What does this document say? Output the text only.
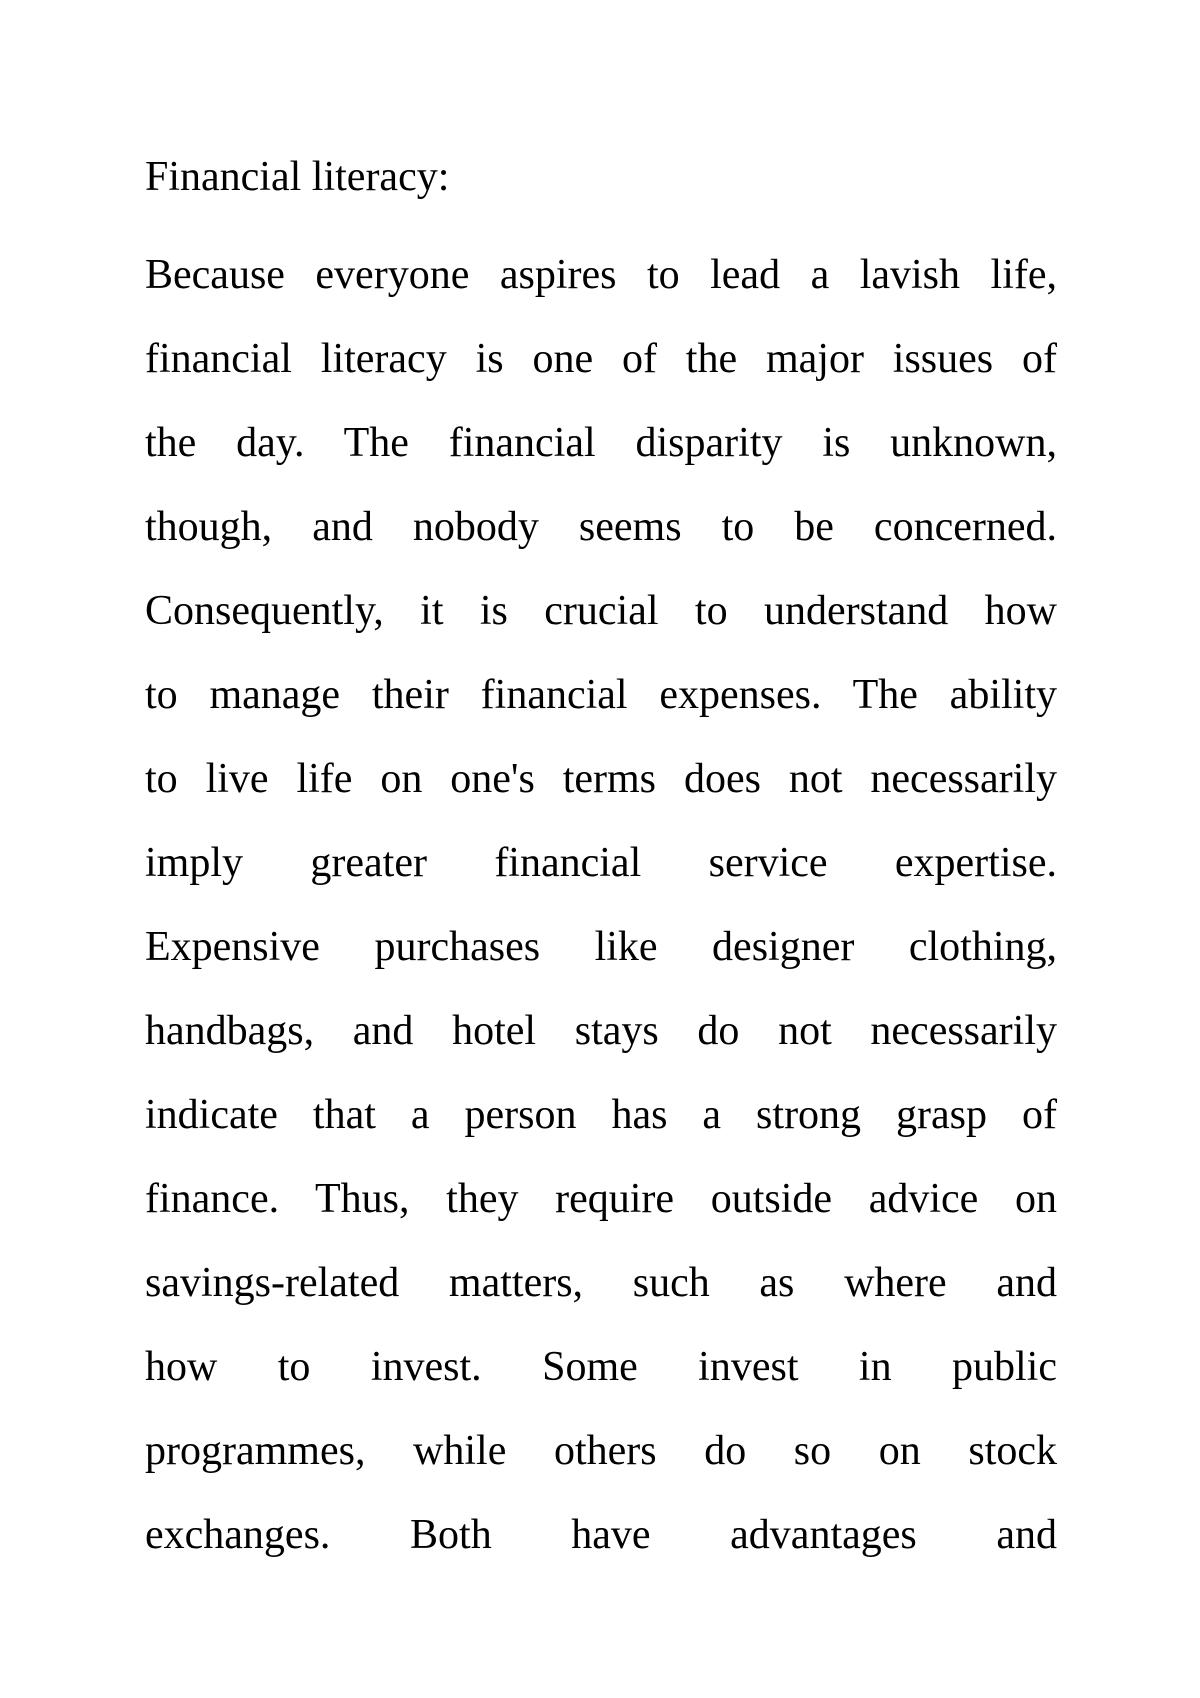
Financial literacy:
Because everyone aspires to lead a lavish life,
financial literacy is one of the major issues of
the day. The financial disparity is unknown,
though, and nobody seems to be concerned.
Consequently, it is crucial to understand how
to manage their financial expenses. The ability
to live life on one's terms does not necessarily
imply greater financial service expertise.
Expensive purchases like designer clothing,
handbags, and hotel stays do not necessarily
indicate that a person has a strong grasp of
finance. Thus, they require outside advice on
savings-related matters, such as where and
how to invest. Some invest in public
programmes, while others do so on stock
exchanges. Both have advantages and
